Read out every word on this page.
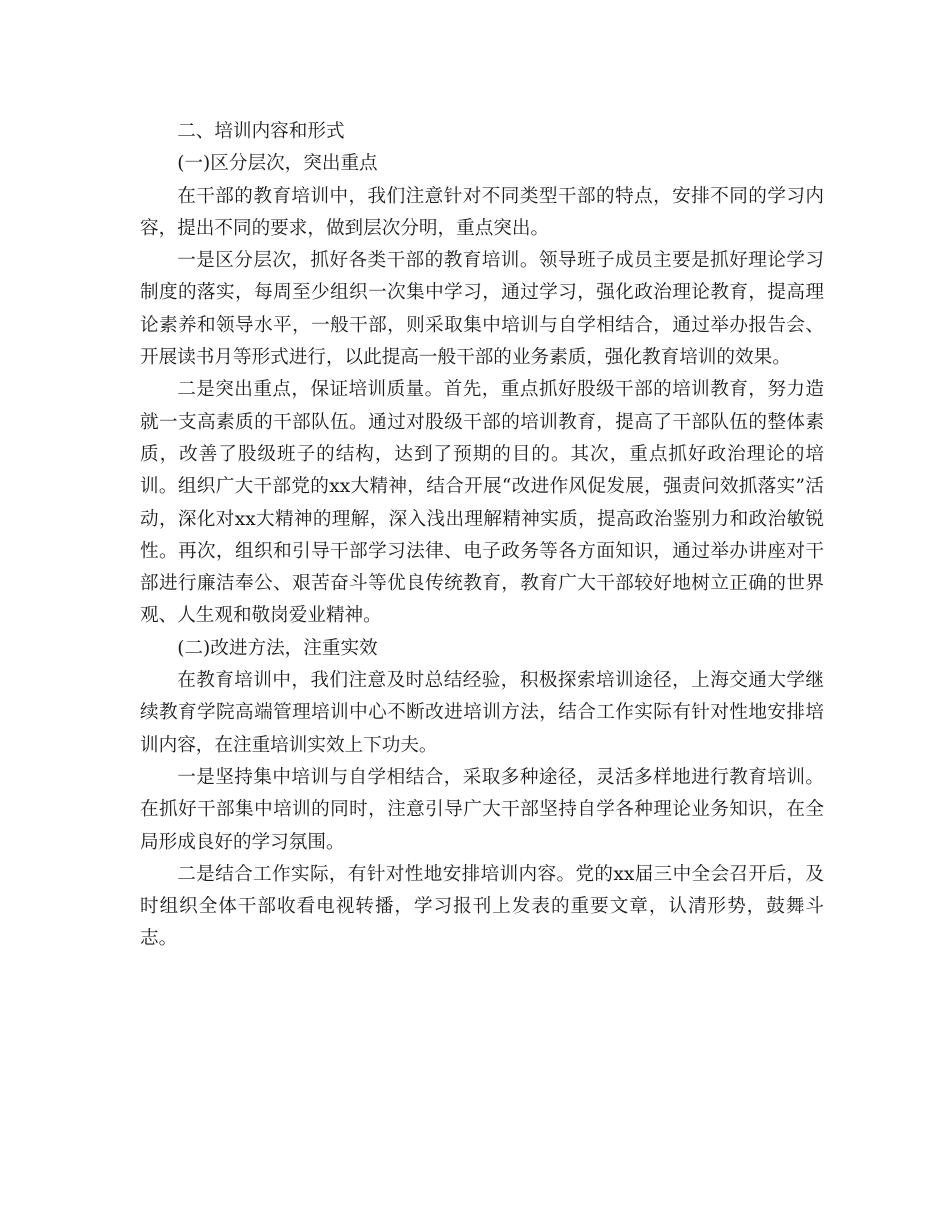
二、培训内容和形式

(一)区分层次，突出重点

在干部的教育培训中，我们注意针对不同类型干部的特点，安排不同的学习内容，提出不同的要求，做到层次分明，重点突出。

一是区分层次，抓好各类干部的教育培训。领导班子成员主要是抓好理论学习制度的落实，每周至少组织一次集中学习，通过学习，强化政治理论教育，提高理论素养和领导水平，一般干部，则采取集中培训与自学相结合，通过举办报告会、开展读书月等形式进行，以此提高一般干部的业务素质，强化教育培训的效果。

二是突出重点，保证培训质量。首先，重点抓好股级干部的培训教育，努力造就一支高素质的干部队伍。通过对股级干部的培训教育，提高了干部队伍的整体素质，改善了股级班子的结构，达到了预期的目的。其次，重点抓好政治理论的培训。组织广大干部党的xx大精神，结合开展“改进作风促发展，强责问效抓落实”活动，深化对xx大精神的理解，深入浅出理解精神实质，提高政治鉴别力和政治敏锐性。再次，组织和引导干部学习法律、电子政务等各方面知识，通过举办讲座对干部进行廉洁奉公、艰苦奋斗等优良传统教育，教育广大干部较好地树立正确的世界观、人生观和敬岗爱业精神。

(二)改进方法，注重实效

在教育培训中，我们注意及时总结经验，积极探索培训途径，上海交通大学继续教育学院高端管理培训中心不断改进培训方法，结合工作实际有针对性地安排培训内容，在注重培训实效上下功夫。

一是坚持集中培训与自学相结合，采取多种途径，灵活多样地进行教育培训。在抓好干部集中培训的同时，注意引导广大干部坚持自学各种理论业务知识，在全局形成良好的学习氛围。

二是结合工作实际，有针对性地安排培训内容。党的xx届三中全会召开后，及时组织全体干部收看电视转播，学习报刊上发表的重要文章，认清形势，鼓舞斗志。
